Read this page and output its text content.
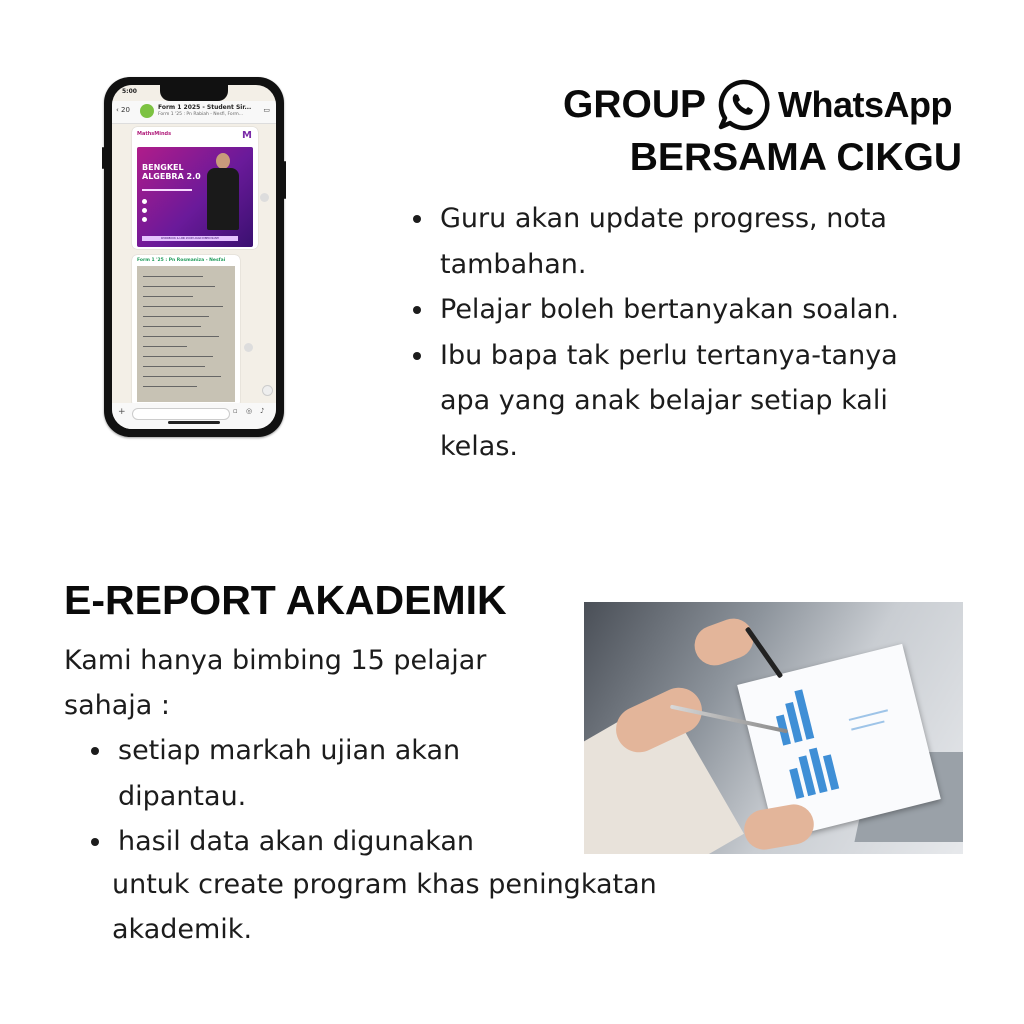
5:00
‹ 20	Form 1 2025 - Student Sir...
Form 1 '25 : Pn Rabiah - Nesfi, Form...
▭
MathsMinds	M
BENGKEL ALGEBRA 2.0
WORKBOOK & LINK ZOOM AKAN DIBERI NANTI
Form 1 '25 : Pn Rosmaniza - Nesfai
+	▫ ◎ ♪
GROUP WhatsApp
BERSAMA CIKGU
Guru akan update progress, nota tambahan.
Pelajar boleh bertanyakan soalan.
Ibu bapa tak perlu tertanya-tanya apa yang anak belajar setiap kali kelas.
E-REPORT AKADEMIK
Kami hanya bimbing 15 pelajar sahaja :
setiap markah ujian akan dipantau.
hasil data akan digunakan
untuk create program khas peningkatan akademik.
